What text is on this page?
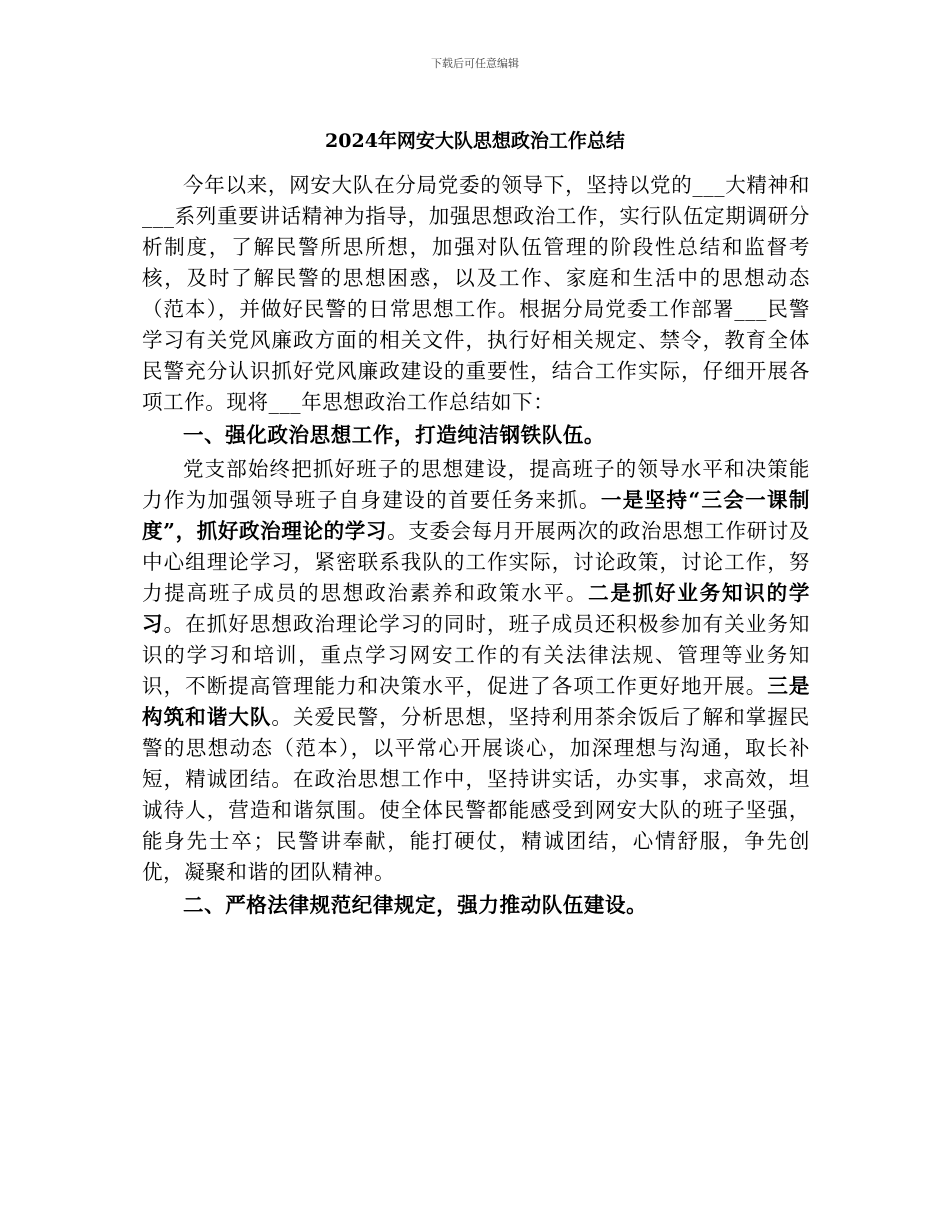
下载后可任意编辑
2024年网安大队思想政治工作总结

今年以来，网安大队在分局党委的领导下，坚持以党的___大精神和___系列重要讲话精神为指导，加强思想政治工作，实行队伍定期调研分析制度，了解民警所思所想，加强对队伍管理的阶段性总结和监督考核，及时了解民警的思想困惑，以及工作、家庭和生活中的思想动态（范本），并做好民警的日常思想工作。根据分局党委工作部署___民警学习有关党风廉政方面的相关文件，执行好相关规定、禁令，教育全体民警充分认识抓好党风廉政建设的重要性，结合工作实际，仔细开展各项工作。现将___年思想政治工作总结如下：

一、强化政治思想工作，打造纯洁钢铁队伍。

党支部始终把抓好班子的思想建设，提高班子的领导水平和决策能力作为加强领导班子自身建设的首要任务来抓。一是坚持“三会一课制度”，抓好政治理论的学习。支委会每月开展两次的政治思想工作研讨及中心组理论学习，紧密联系我队的工作实际，讨论政策，讨论工作，努力提高班子成员的思想政治素养和政策水平。二是抓好业务知识的学习。在抓好思想政治理论学习的同时，班子成员还积极参加有关业务知识的学习和培训，重点学习网安工作的有关法律法规、管理等业务知识，不断提高管理能力和决策水平，促进了各项工作更好地开展。三是构筑和谐大队。关爱民警，分析思想，坚持利用茶余饭后了解和掌握民警的思想动态（范本），以平常心开展谈心，加深理想与沟通，取长补短，精诚团结。在政治思想工作中，坚持讲实话，办实事，求高效，坦诚待人，营造和谐氛围。使全体民警都能感受到网安大队的班子坚强，能身先士卒；民警讲奉献，能打硬仗，精诚团结，心情舒服，争先创优，凝聚和谐的团队精神。

二、严格法律规范纪律规定，强力推动队伍建设。
